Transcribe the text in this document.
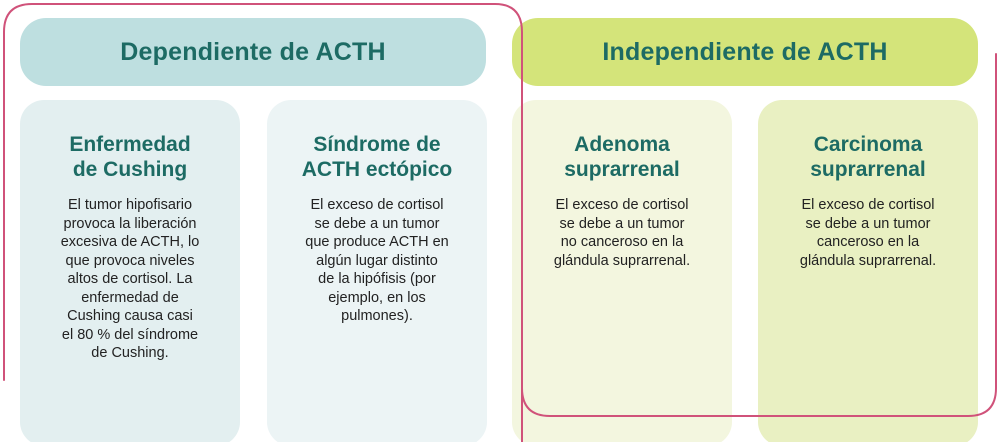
Dependiente de ACTH	Independiente de ACTH
Enfermedad
de Cushing

El tumor hipofisario
provoca la liberación
excesiva de ACTH, lo
que provoca niveles
altos de cortisol. La
enfermedad de
Cushing causa casi
el 80 % del síndrome
de Cushing.

Síndrome de
ACTH ectópico

El exceso de cortisol
se debe a un tumor
que produce ACTH en
algún lugar distinto
de la hipófisis (por
ejemplo, en los
pulmones).

Adenoma
suprarrenal

El exceso de cortisol
se debe a un tumor
no canceroso en la
glándula suprarrenal.

Carcinoma
suprarrenal

El exceso de cortisol
se debe a un tumor
canceroso en la
glándula suprarrenal.
